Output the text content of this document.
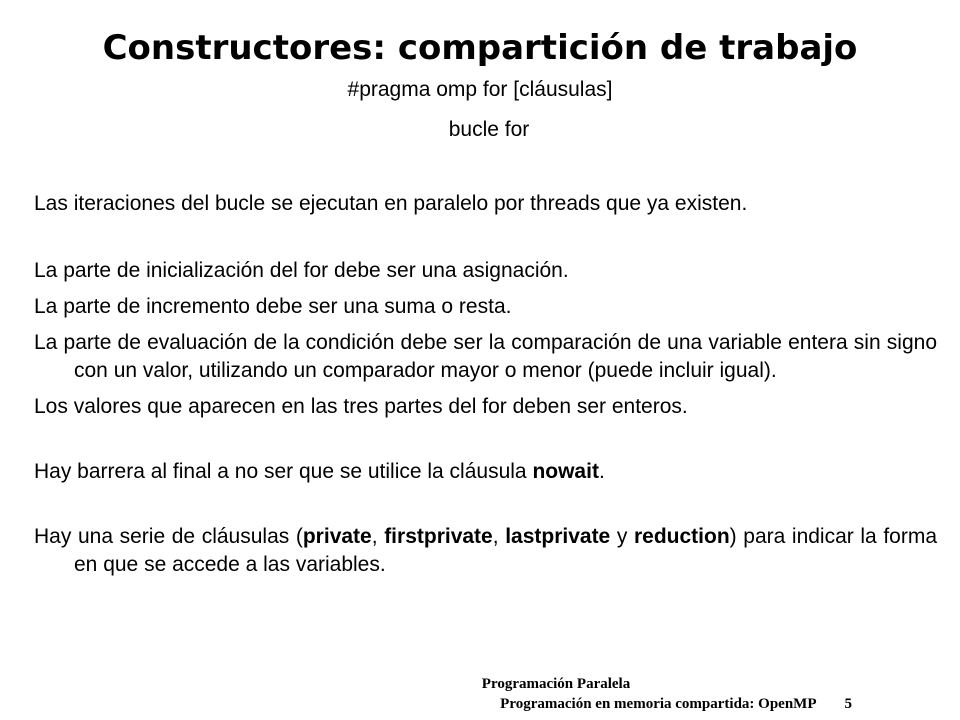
Constructores: compartición de trabajo

#pragma omp for [cláusulas]

bucle for

Las iteraciones del bucle se ejecutan en paralelo por threads que ya existen.

La parte de inicialización del for debe ser una asignación.

La parte de incremento debe ser una suma o resta.

La parte de evaluación de la condición debe ser la comparación de una variable entera sin signo con un valor, utilizando un comparador mayor o menor (puede incluir igual).

Los valores que aparecen en las tres partes del for deben ser enteros.

Hay barrera al final a no ser que se utilice la cláusula nowait.

Hay una serie de cláusulas (private, firstprivate, lastprivate y reduction) para indicar la forma en que se accede a las variables.

Programación Paralela
Programación en memoria compartida: OpenMP 5
